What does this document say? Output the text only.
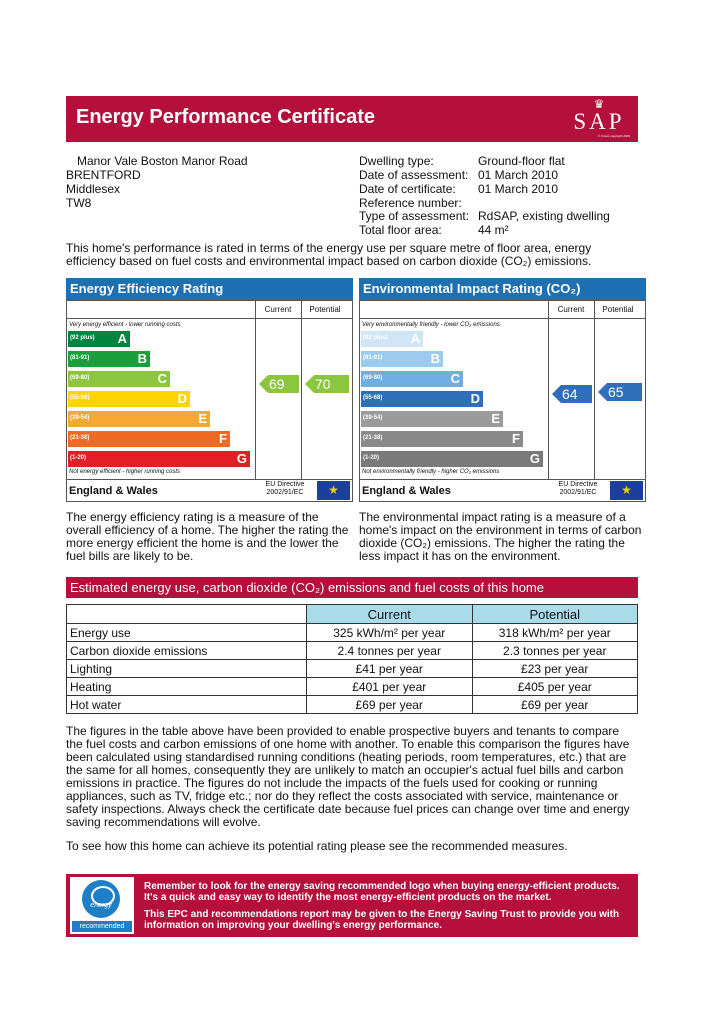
Energy Performance Certificate
♛
SAP
© Crown copyright 2009
Manor Vale Boston Manor Road
BRENTFORD
Middlesex
TW8
Dwelling type:	Ground-floor flat
Date of assessment: 01 March 2010
Date of certificate: 01 March 2010
Reference number:
Type of assessment: RdSAP, existing dwelling
Total floor area:	44 m²
This home's performance is rated in terms of the energy use per square metre of floor area, energy efficiency based on fuel costs and environmental impact based on carbon dioxide (CO₂) emissions.
Energy Efficiency Rating
Current	Potential
Very energy efficient - lower running costs
(92 plus) A
(81-91)	B
(69-80)	C
(55-68)	D
(39-54)	E
(21-38)	F
(1-20)	G
Not energy efficient - higher running costs
69 70
England & Wales
EU Directive 2002/91/EC	★
Environmental Impact Rating (CO₂)
Current	Potential
Very environmentally friendly - lower CO₂ emissions
(92 plus) A
(81-91)	B
(69-80)	C
(55-68)	D
(39-54)	E
(21-38)	F
(1-20)	G
Not environmentally friendly - higher CO₂ emissions
64 65
England & Wales
EU Directive 2002/91/EC	★
The energy efficiency rating is a measure of the overall efficiency of a home. The higher the rating the more energy efficient the home is and the lower the fuel bills are likely to be.
The environmental impact rating is a measure of a home's impact on the environment in terms of carbon dioxide (CO₂) emissions. The higher the rating the less impact it has on the environment.
Estimated energy use, carbon dioxide (CO₂) emissions and fuel costs of this home
	Current	Potential
Energy use	325 kWh/m² per year	318 kWh/m² per year
Carbon dioxide emissions	2.4 tonnes per year	2.3 tonnes per year
Lighting	£41 per year	£23 per year
Heating	£401 per year	£405 per year
Hot water	£69 per year	£69 per year
The figures in the table above have been provided to enable prospective buyers and tenants to compare the fuel costs and carbon emissions of one home with another. To enable this comparison the figures have been calculated using standardised running conditions (heating periods, room temperatures, etc.) that are the same for all homes, consequently they are unlikely to match an occupier's actual fuel bills and carbon emissions in practice. The figures do not include the impacts of the fuels used for cooking or running appliances, such as TV, fridge etc.; nor do they reflect the costs associated with service, maintenance or safety inspections. Always check the certificate date because fuel prices can change over time and energy saving recommendations will evolve.
To see how this home can achieve its potential rating please see the recommended measures.
energy saving
recommended
Remember to look for the energy saving recommended logo when buying energy-efficient products. It's a quick and easy way to identify the most energy-efficient products on the market.
This EPC and recommendations report may be given to the Energy Saving Trust to provide you with information on improving your dwelling's energy performance.
